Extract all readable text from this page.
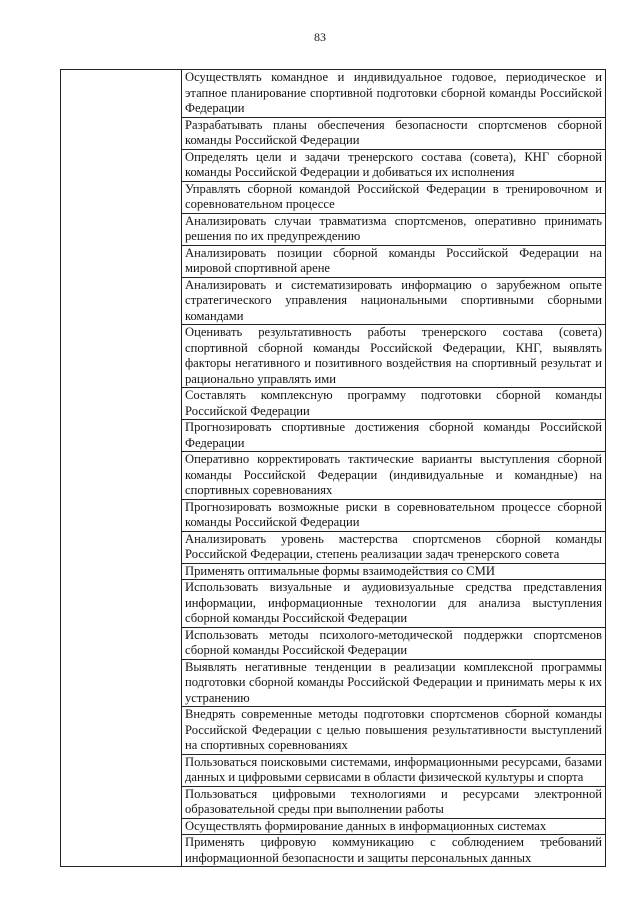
83
	Осуществлять командное и индивидуальное годовое, периодическое и этапное планирование спортивной подготовки сборной команды Российской Федерации
Разрабатывать планы обеспечения безопасности спортсменов сборной команды Российской Федерации
Определять цели и задачи тренерского состава (совета), КНГ сборной команды Российской Федерации и добиваться их исполнения
Управлять сборной командой Российской Федерации в тренировочном и соревновательном процессе
Анализировать случаи травматизма спортсменов, оперативно принимать решения по их предупреждению
Анализировать позиции сборной команды Российской Федерации на мировой спортивной арене
Анализировать и систематизировать информацию о зарубежном опыте стратегического управления национальными спортивными сборными командами
Оценивать результативность работы тренерского состава (совета) спортивной сборной команды Российской Федерации, КНГ, выявлять факторы негативного и позитивного воздействия на спортивный результат и рационально управлять ими
Составлять комплексную программу подготовки сборной команды Российской Федерации
Прогнозировать спортивные достижения сборной команды Российской Федерации
Оперативно корректировать тактические варианты выступления сборной команды Российской Федерации (индивидуальные и командные) на спортивных соревнованиях
Прогнозировать возможные риски в соревновательном процессе сборной команды Российской Федерации
Анализировать уровень мастерства спортсменов сборной команды Российской Федерации, степень реализации задач тренерского совета
Применять оптимальные формы взаимодействия со СМИ
Использовать визуальные и аудиовизуальные средства представления информации, информационные технологии для анализа выступления сборной команды Российской Федерации
Использовать методы психолого-методической поддержки спортсменов сборной команды Российской Федерации
Выявлять негативные тенденции в реализации комплексной программы подготовки сборной команды Российской Федерации и принимать меры к их устранению
Внедрять современные методы подготовки спортсменов сборной команды Российской Федерации с целью повышения результативности выступлений на спортивных соревнованиях
Пользоваться поисковыми системами, информационными ресурсами, базами данных и цифровыми сервисами в области физической культуры и спорта
Пользоваться цифровыми технологиями и ресурсами электронной образовательной среды при выполнении работы
Осуществлять формирование данных в информационных системах
Применять цифровую коммуникацию с соблюдением требований информационной безопасности и защиты персональных данных
